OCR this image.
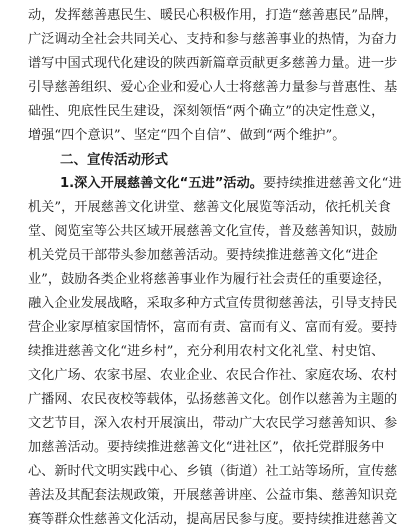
动，发挥慈善惠民生、暖民心积极作用，打造“慈善惠民”品牌，
广泛调动全社会共同关心、支持和参与慈善事业的热情，为奋力
谱写中国式现代化建设的陕西新篇章贡献更多慈善力量。进一步
引导慈善组织、爱心企业和爱心人士将慈善力量参与普惠性、基
础性、兜底性民生建设，深刻领悟“两个确立”的决定性意义，
增强“四个意识”、坚定“四个自信”、做到“两个维护”。
二、宣传活动形式
1.深入开展慈善文化“五进”活动。要持续推进慈善文化“进
机关”，开展慈善文化讲堂、慈善文化展览等活动，依托机关食
堂、阅览室等公共区域开展慈善文化宣传，普及慈善知识，鼓励
机关党员干部带头参加慈善活动。要持续推进慈善文化“进企
业”，鼓励各类企业将慈善事业作为履行社会责任的重要途径，
融入企业发展战略，采取多种方式宣传贯彻慈善法，引导支持民
营企业家厚植家国情怀，富而有责、富而有义、富而有爱。要持
续推进慈善文化“进乡村”，充分利用农村文化礼堂、村史馆、
文化广场、农家书屋、农业企业、农民合作社、家庭农场、农村
广播网、农民夜校等载体，弘扬慈善文化。创作以慈善为主题的
文艺节目，深入农村开展演出，带动广大农民学习慈善知识、参
加慈善活动。要持续推进慈善文化“进社区”，依托党群服务中
心、新时代文明实践中心、乡镇（街道）社工站等场所，宣传慈
善法及其配套法规政策，开展慈善讲座、公益市集、慈善知识竞
赛等群众性慈善文化活动，提高居民参与度。要持续推进慈善文
